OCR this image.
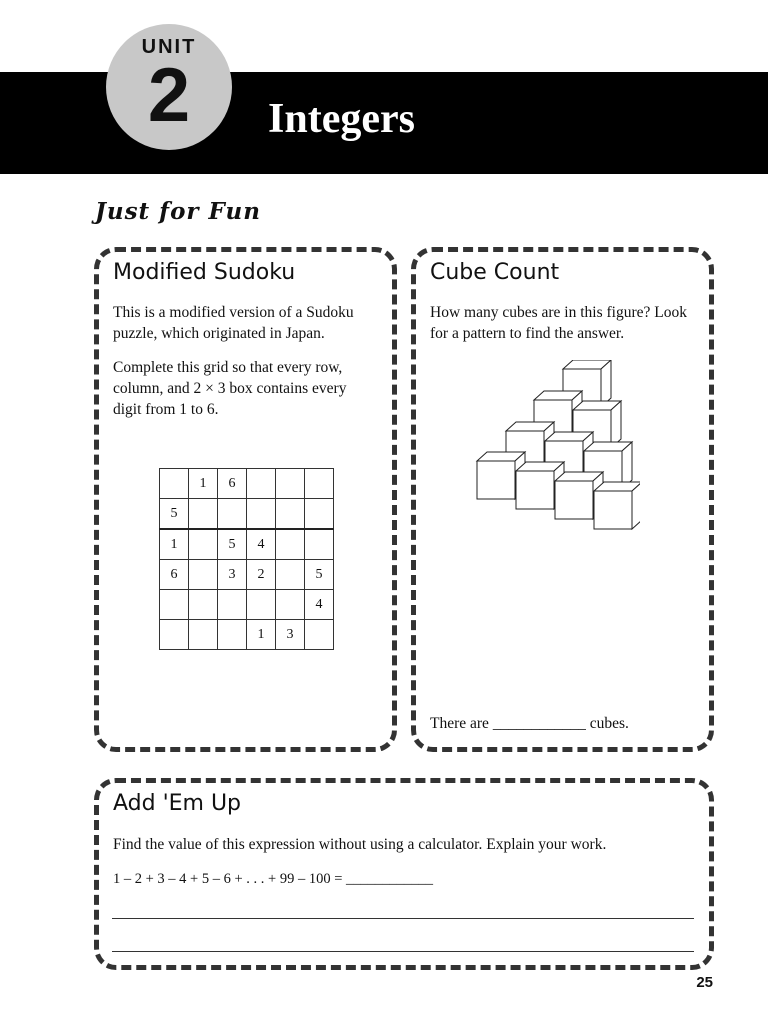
UNIT
2	Integers
Just for Fun
Modified Sudoku

This is a modified version of a Sudoku puzzle, which originated in Japan.

Complete this grid so that every row, column, and 2 × 3 box contains every digit from 1 to 6.

	1	6			
5					
1		5	4		
6		3	2		5
					4
			1	3	
Cube Count

How many cubes are in this figure? Look for a pattern to find the answer.

There are ____________ cubes.

Add 'Em Up

Find the value of this expression without using a calculator. Explain your work.

1 – 2 + 3 – 4 + 5 – 6 + . . . + 99 – 100 = ____________

25
